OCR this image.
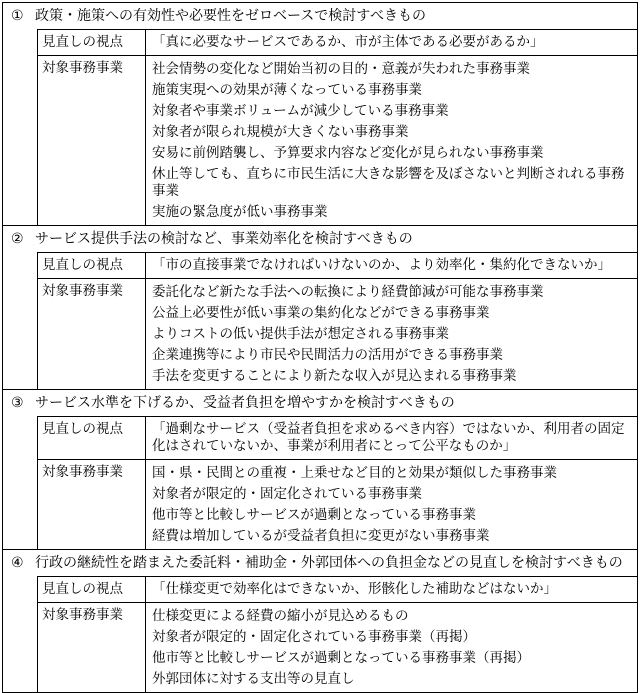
① 政策・施策への有効性や必要性をゼロベースで検討すべきもの
見直しの視点	「真に必要なサービスであるか、市が主体である必要があるか」
対象事務事業	社会情勢の変化など開始当初の目的・意義が失われた事務事業
施策実現への効果が薄くなっている事務事業
対象者や事業ボリュームが減少している事務事業
対象者が限られ規模が大きくない事務事業
安易に前例踏襲し、予算要求内容など変化が見られない事務事業
休止等しても、直ちに市民生活に大きな影響を及ぼさないと判断されれる事務事業
実施の緊急度が低い事務事業
② サービス提供手法の検討など、事業効率化を検討すべきもの
見直しの視点	「市の直接事業でなければいけないのか、より効率化・集約化できないか」
対象事務事業	委託化など新たな手法への転換により経費節減が可能な事務事業
公益上必要性が低い事業の集約化などができる事務事業
よりコストの低い提供手法が想定される事務事業
企業連携等により市民や民間活力の活用ができる事務事業
手法を変更することにより新たな収入が見込まれる事務事業
③ サービス水準を下げるか、受益者負担を増やすかを検討すべきもの
見直しの視点	「過剰なサービス（受益者負担を求めるべき内容）ではないか、利用者の固定化はされていないか、事業が利用者にとって公平なものか」
対象事務事業	国・県・民間との重複・上乗せなど目的と効果が類似した事務事業
対象者が限定的・固定化されている事務事業
他市等と比較しサービスが過剰となっている事務事業
経費は増加しているが受益者負担に変更がない事務事業
④ 行政の継続性を踏まえた委託料・補助金・外郭団体への負担金などの見直しを検討すべきもの
見直しの視点	「仕様変更で効率化はできないか、形骸化した補助などはないか」
対象事務事業	仕様変更による経費の縮小が見込めるもの
対象者が限定的・固定化されている事務事業（再掲）
他市等と比較しサービスが過剰となっている事務事業（再掲）
外郭団体に対する支出等の見直し
